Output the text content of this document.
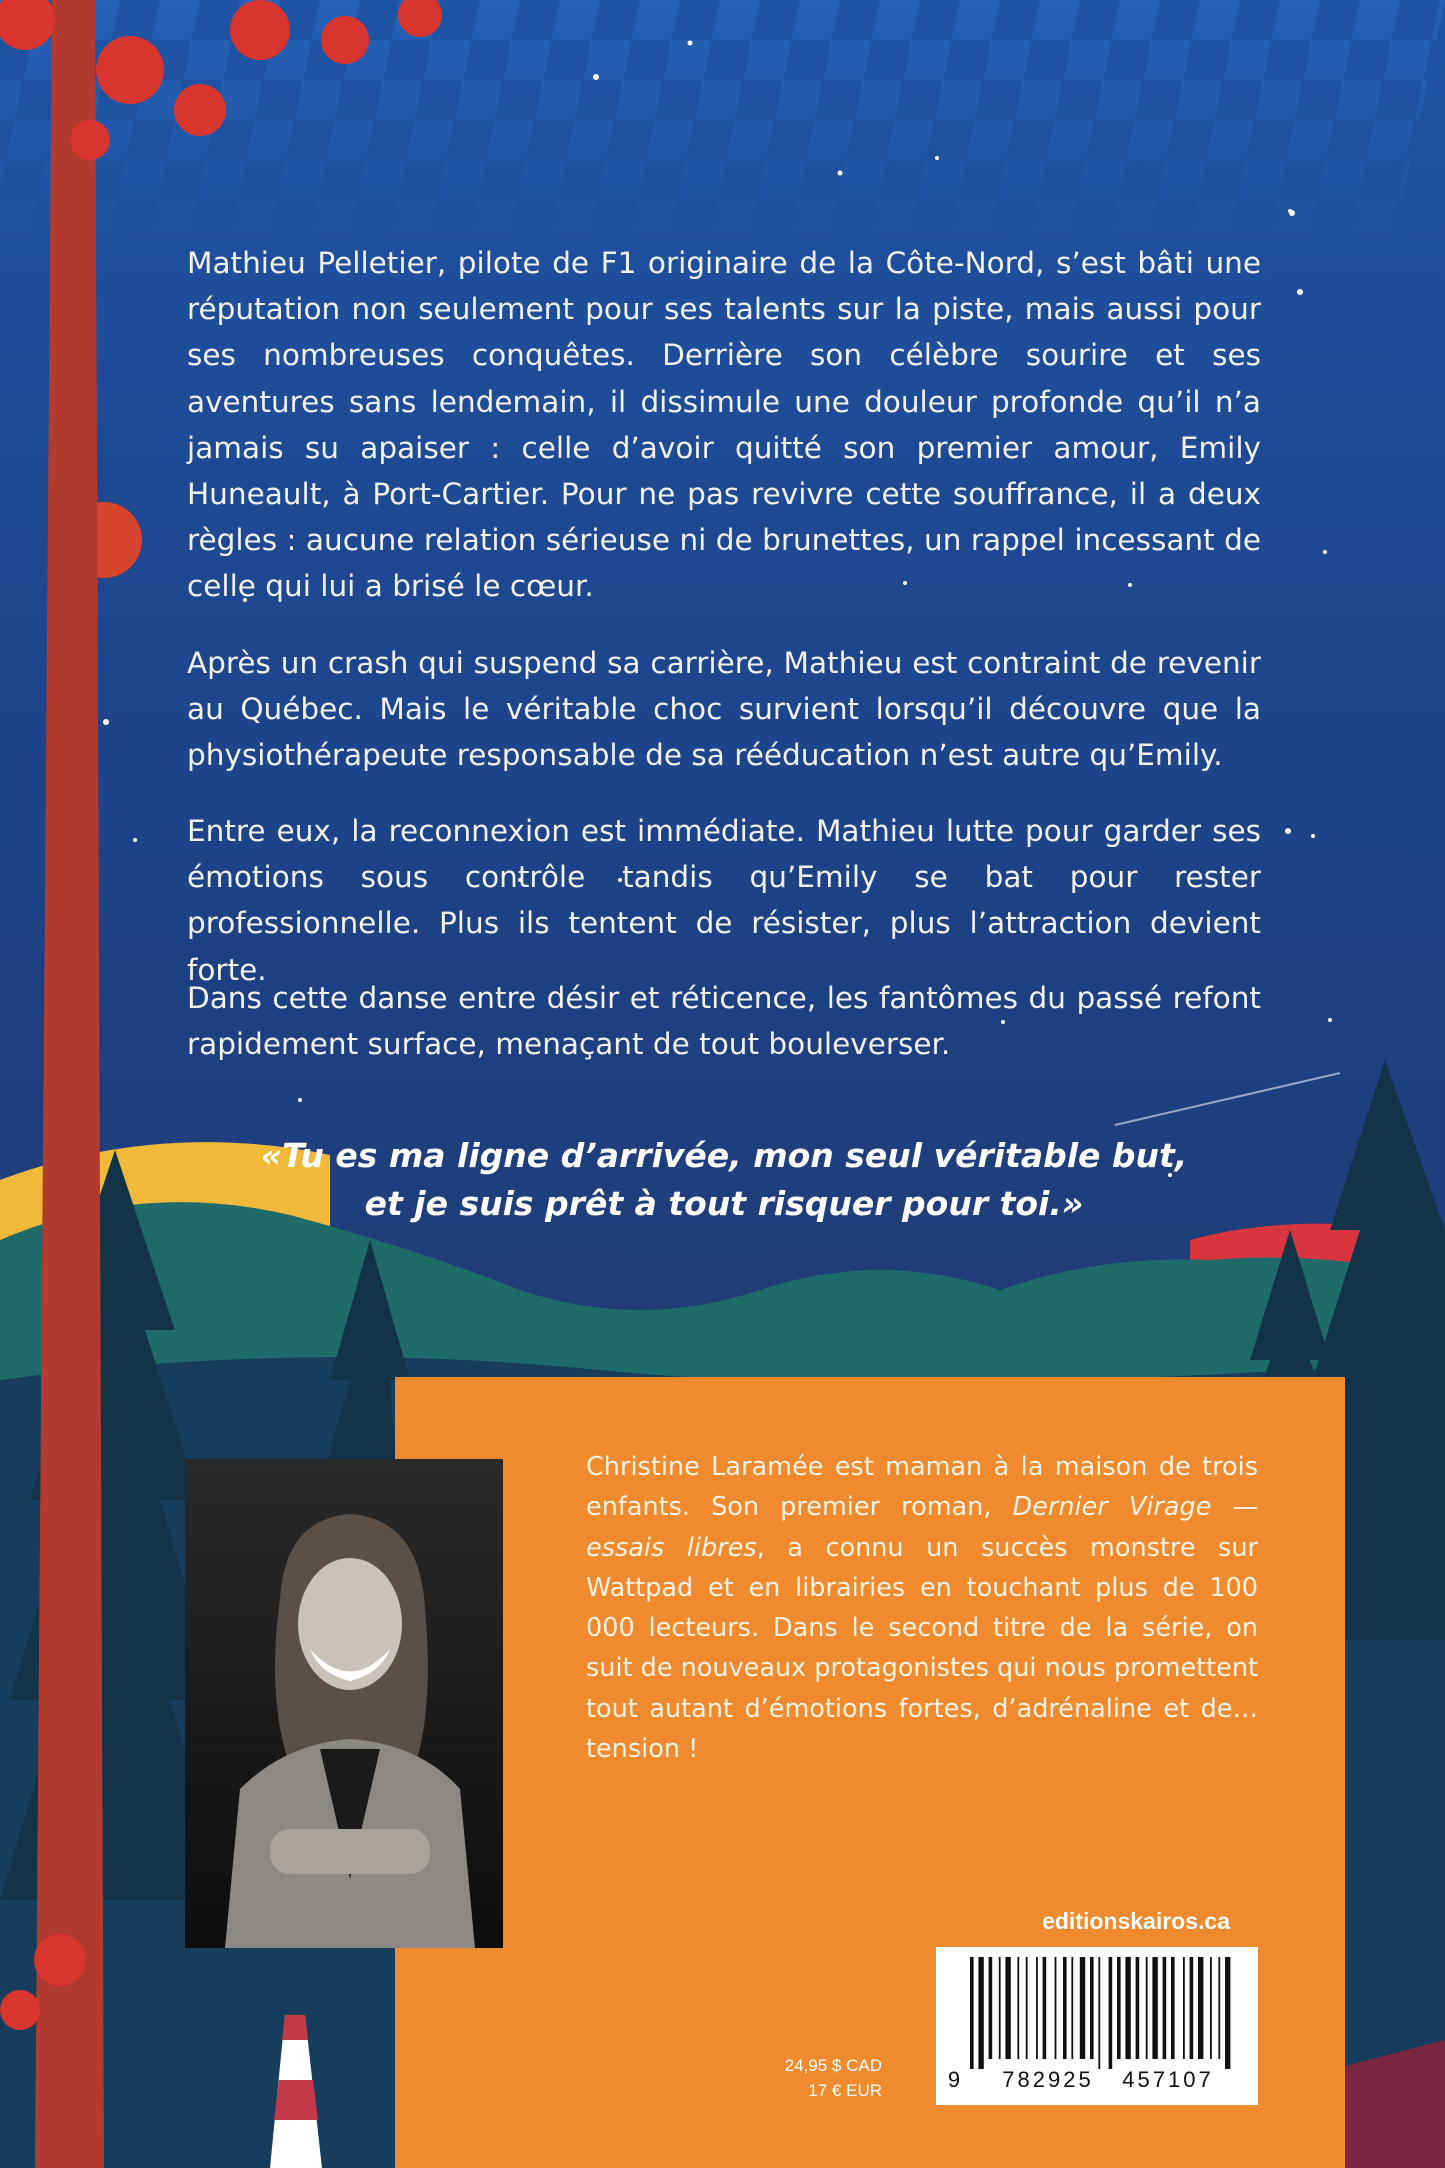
Mathieu Pelletier, pilote de F1 originaire de la Côte-Nord, s’est bâti une réputation non seulement pour ses talents sur la piste, mais aussi pour ses nombreuses conquêtes. Derrière son célèbre sourire et ses aventures sans lendemain, il dissimule une douleur profonde qu’il n’a jamais su apaiser : celle d’avoir quitté son premier amour, Emily Huneault, à Port-Cartier. Pour ne pas revivre cette souffrance, il a deux règles : aucune relation sérieuse ni de brunettes, un rappel incessant de celle qui lui a brisé le cœur.

Après un crash qui suspend sa carrière, Mathieu est contraint de revenir au Québec. Mais le véritable choc survient lorsqu’il découvre que la physiothérapeute responsable de sa rééducation n’est autre qu’Emily.

Entre eux, la reconnexion est immédiate. Mathieu lutte pour garder ses émotions sous contrôle tandis qu’Emily se bat pour rester professionnelle. Plus ils tentent de résister, plus l’attraction devient forte.

Dans cette danse entre désir et réticence, les fantômes du passé refont rapidement surface, menaçant de tout bouleverser.

«Tu es ma ligne d’arrivée, mon seul véritable but,
et je suis prêt à tout risquer pour toi.»

Christine Laramée est maman à la maison de trois enfants. Son premier roman, Dernier Virage — essais libres, a connu un succès monstre sur Wattpad et en librairies en touchant plus de 100 000 lecteurs. Dans le second titre de la série, on suit de nouveaux protagonistes qui nous promettent tout autant d’émotions fortes, d’adrénaline et de… tension !

editionskairos.ca
24,95 $ CAD
17 € EUR	9 782925 457107
